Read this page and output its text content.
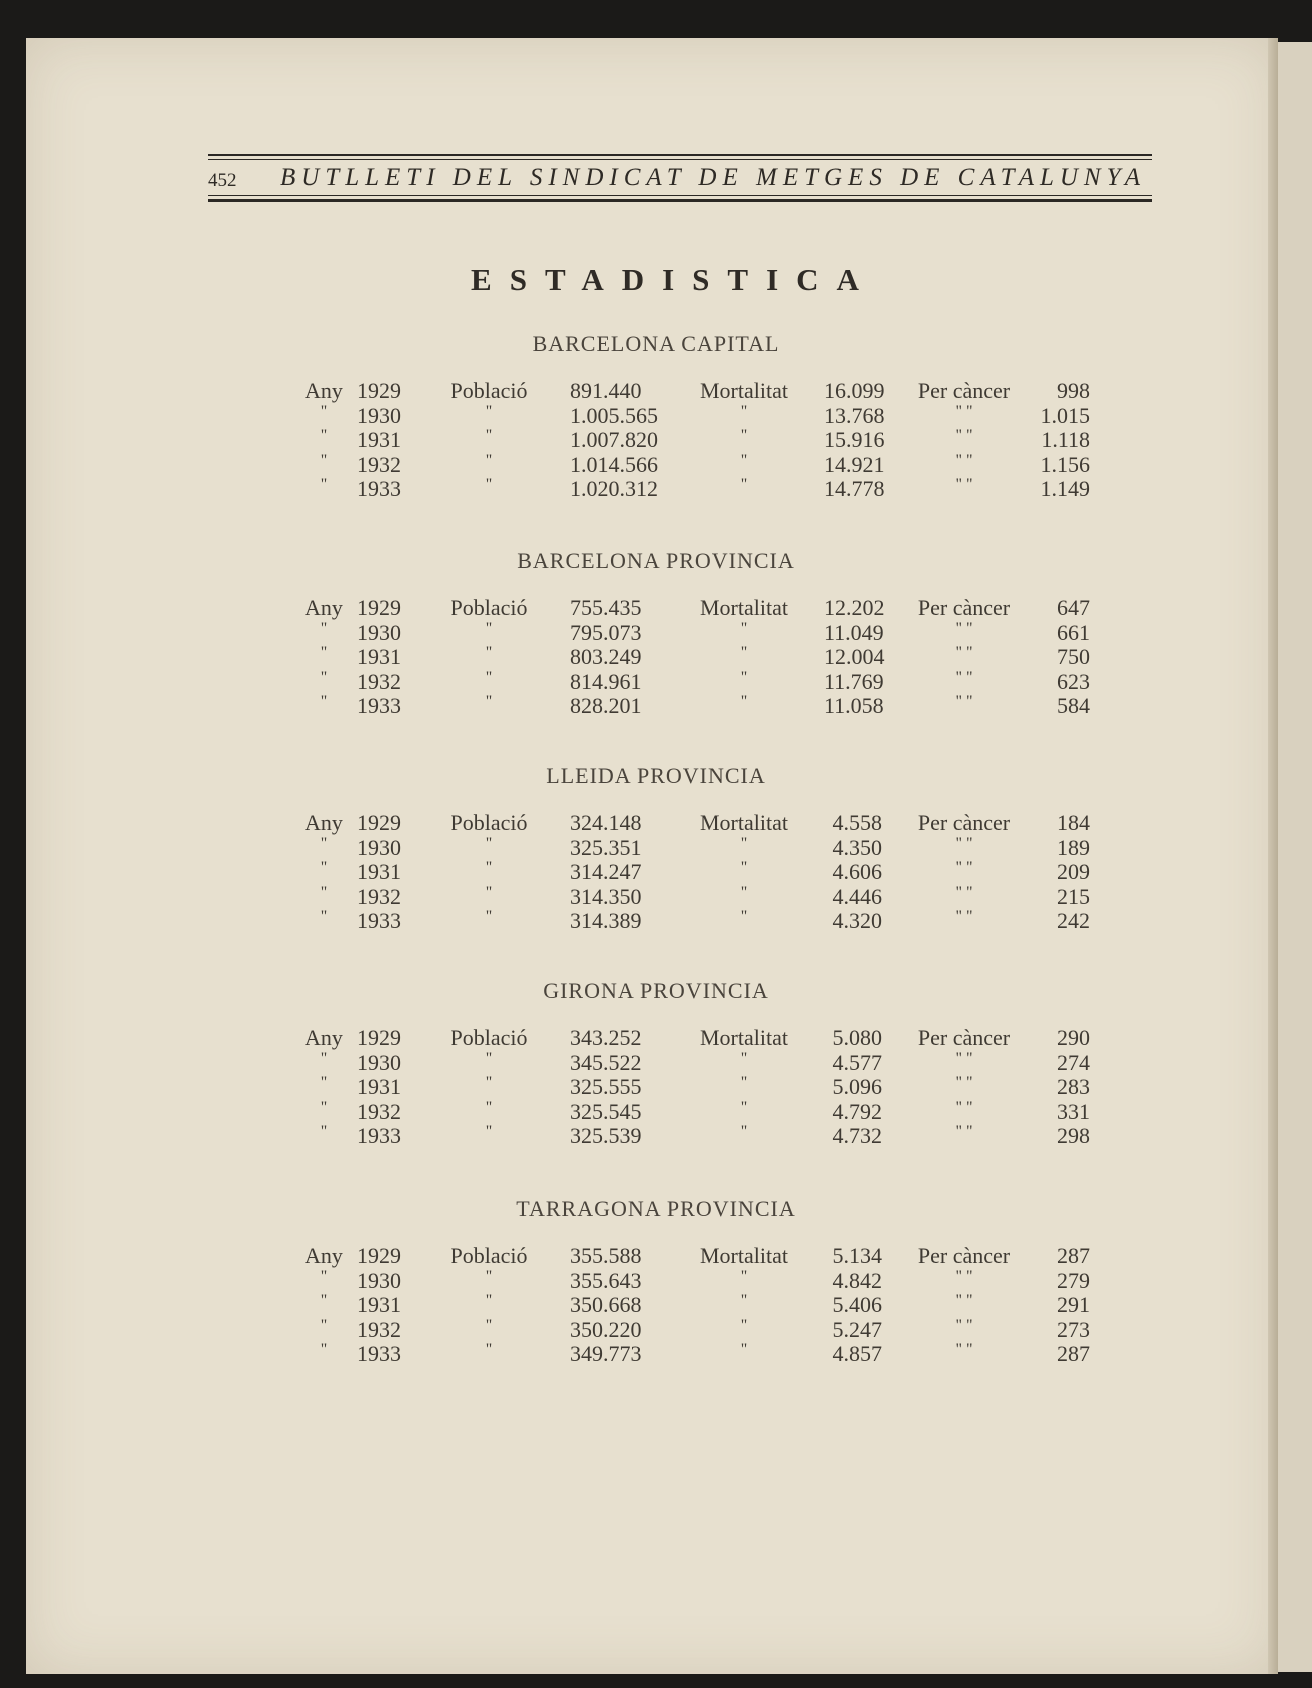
452	BUTLLETI DEL SINDICAT DE METGES DE CATALUNYA
ESTADISTICA
BARCELONA CAPITAL
Any 1929 Població 891.440	Mortalitat 16.099	Per càncer	998
"	1930	"	1.005.565	"	13.768	" "	1.015
"	1931	"	1.007.820	"	15.916	" "	1.118
"	1932	"	1.014.566	"	14.921	" "	1.156
"	1933	"	1.020.312	"	14.778	" "	1.149
BARCELONA PROVINCIA
Any 1929 Població 755.435	Mortalitat 12.202	Per càncer	647
"	1930	"	795.073	"	11.049	" "	661
"	1931	"	803.249	"	12.004	" "	750
"	1932	"	814.961	"	11.769	" "	623
"	1933	"	828.201	"	11.058	" "	584
LLEIDA PROVINCIA
Any 1929 Població 324.148	Mortalitat	4.558	Per càncer	184
"	1930	"	325.351	"	4.350	" "	189
"	1931	"	314.247	"	4.606	" "	209
"	1932	"	314.350	"	4.446	" "	215
"	1933	"	314.389	"	4.320	" "	242
GIRONA PROVINCIA
Any 1929 Població 343.252	Mortalitat	5.080	Per càncer	290
"	1930	"	345.522	"	4.577	" "	274
"	1931	"	325.555	"	5.096	" "	283
"	1932	"	325.545	"	4.792	" "	331
"	1933	"	325.539	"	4.732	" "	298
TARRAGONA PROVINCIA
Any 1929 Població 355.588	Mortalitat	5.134	Per càncer	287
"	1930	"	355.643	"	4.842	" "	279
"	1931	"	350.668	"	5.406	" "	291
"	1932	"	350.220	"	5.247	" "	273
"	1933	"	349.773	"	4.857	" "	287
